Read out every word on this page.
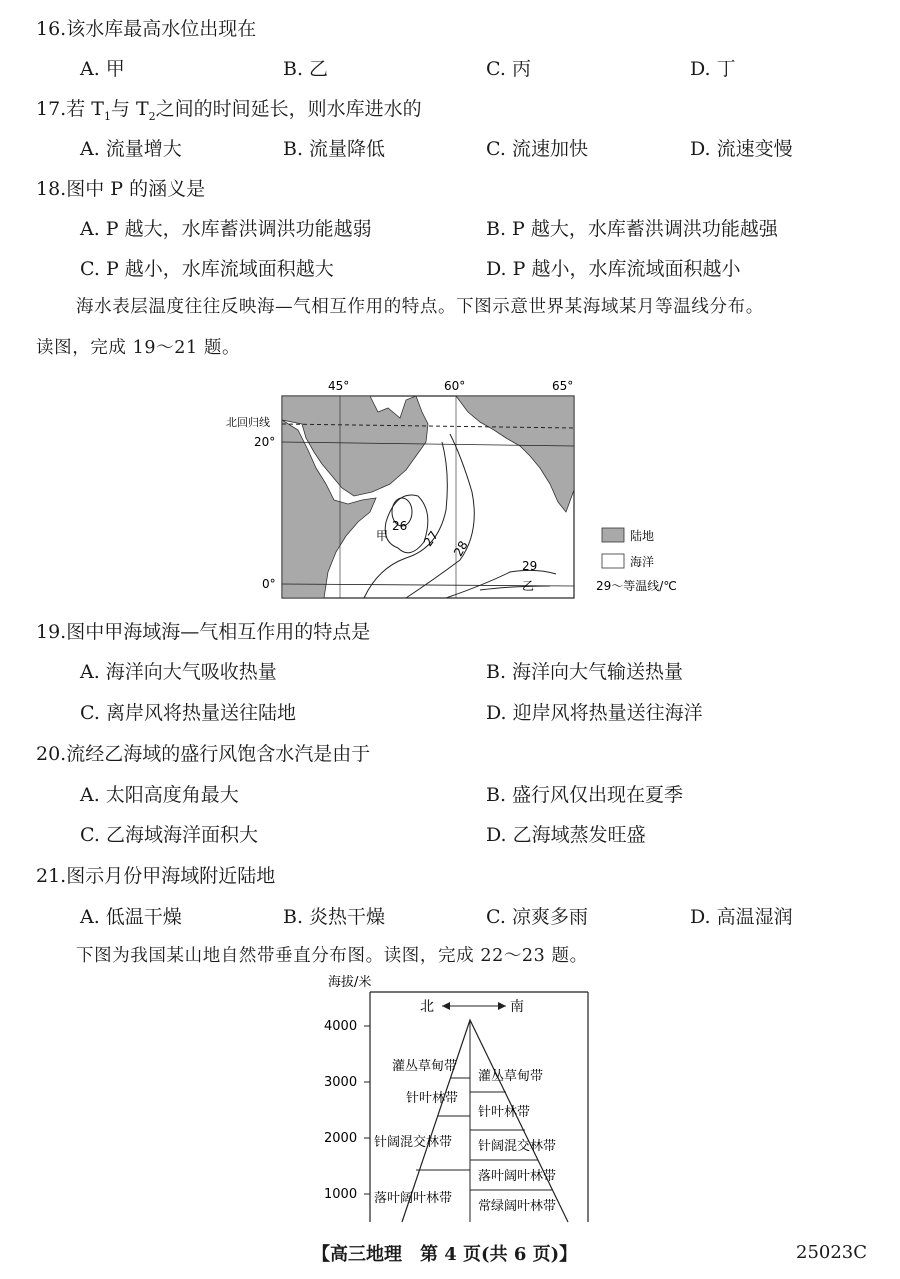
16.该水库最高水位出现在
A. 甲	B. 乙	C. 丙	D. 丁
17.若 $T_1$与 $T_2$之间的时间延长，则水库进水的
A. 流量增大	B. 流量降低	C. 流速加快	D. 流速变慢
18.图中 P 的涵义是
A. P 越大，水库蓄洪调洪功能越弱	B. P 越大，水库蓄洪调洪功能越强
C. P 越小，水库流域面积越大	D. P 越小，水库流域面积越小
海水表层温度往往反映海—气相互作用的特点。下图示意世界某海域某月等温线分布。
读图，完成 19～21 题。
45°	60°	65°
北回归线
20°
0°
26
27 28
29
甲
乙
陆地
海洋
29～等温线/℃
19.图中甲海域海—气相互作用的特点是
A. 海洋向大气吸收热量	B. 海洋向大气输送热量
C. 离岸风将热量送往陆地	D. 迎岸风将热量送往海洋
20.流经乙海域的盛行风饱含水汽是由于
A. 太阳高度角最大	B. 盛行风仅出现在夏季
C. 乙海域海洋面积大	D. 乙海域蒸发旺盛
21.图示月份甲海域附近陆地
A. 低温干燥	B. 炎热干燥	C. 凉爽多雨	D. 高温湿润
下图为我国某山地自然带垂直分布图。读图，完成 22～23 题。
海拔/米
4000
3000
2000
1000
北	南
灌丛草甸带
针叶林带
针阔混交林带
落叶阔叶林带
灌丛草甸带
针叶林带
针阔混交林带
落叶阔叶林带
常绿阔叶林带
【高三地理　第 4 页(共 6 页)】	25023C
